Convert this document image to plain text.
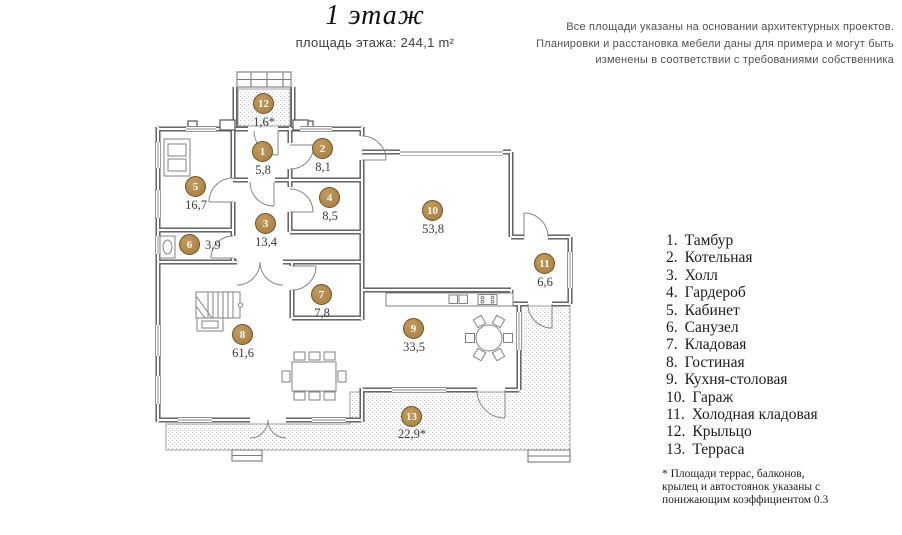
1 этаж
площадь этажа: 244,1 m²
Все площади указаны на основании архитектурных проектов.
Планировки и расстановка мебели даны для примера и могут быть
изменены в соответствии с требованиями собственника
1
5,8
2
8,1
3
13,4
4
8,5
5
16,7
6	3,9
7
7,8
8
61,6
9
33,5
10
53,8
11
6,6
12
1,6*
13
22,9*
1. Тамбур
2. Котельная
3. Холл
4. Гардероб
5. Кабинет
6. Санузел
7. Кладовая
8. Гостиная
9. Кухня-столовая
10. Гараж
11. Холодная кладовая
12. Крыльцо
13. Терраса
* Площади террас, балконов,
крылец и автостоянок указаны с
понижающим коэффициентом 0.3
